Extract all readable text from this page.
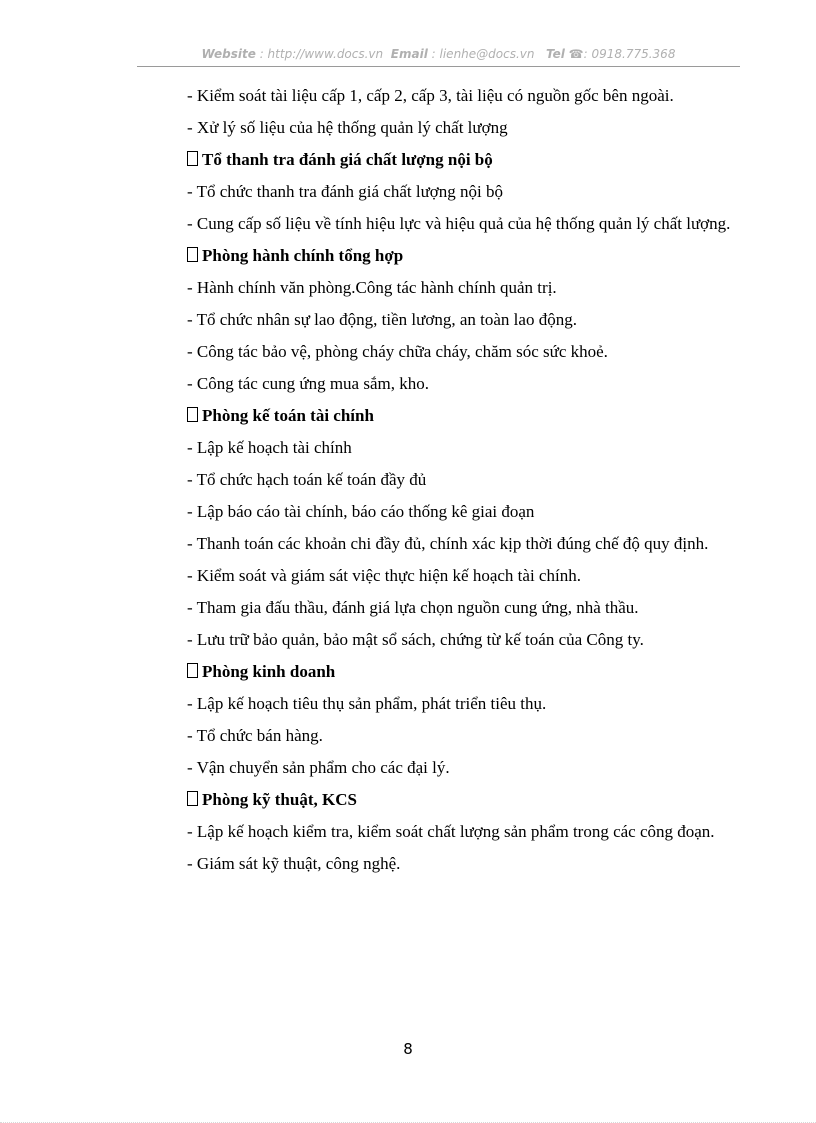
Website : http://www.docs.vn Email : lienhe@docs.vn Tel ☎: 0918.775.368

- Kiểm soát tài liệu cấp 1, cấp 2, cấp 3, tài liệu có nguồn gốc bên ngoài.

- Xử lý số liệu của hệ thống quản lý chất lượng

Tổ thanh tra đánh giá chất lượng nội bộ

- Tổ chức thanh tra đánh giá chất lượng nội bộ

- Cung cấp số liệu về tính hiệu lực và hiệu quả của hệ thống quản lý chất lượng.

Phòng hành chính tổng hợp

- Hành chính văn phòng.Công tác hành chính quản trị.

- Tổ chức nhân sự lao động, tiền lương, an toàn lao động.

- Công tác bảo vệ, phòng cháy chữa cháy, chăm sóc sức khoẻ.

- Công tác cung ứng mua sắm, kho.

Phòng kế toán tài chính

- Lập kế hoạch tài chính

- Tổ chức hạch toán kế toán đầy đủ

- Lập báo cáo tài chính, báo cáo thống kê giai đoạn

- Thanh toán các khoản chi đầy đủ, chính xác kịp thời đúng chế độ quy định.

- Kiểm soát và giám sát việc thực hiện kế hoạch tài chính.

- Tham gia đấu thầu, đánh giá lựa chọn nguồn cung ứng, nhà thầu.

- Lưu trữ bảo quản, bảo mật sổ sách, chứng từ kế toán của Công ty.

Phòng kinh doanh

- Lập kế hoạch tiêu thụ sản phẩm, phát triển tiêu thụ.

- Tổ chức bán hàng.

- Vận chuyển sản phẩm cho các đại lý.

Phòng kỹ thuật, KCS

- Lập kế hoạch kiểm tra, kiểm soát chất lượng sản phẩm trong các công đoạn.

- Giám sát kỹ thuật, công nghệ.

8
